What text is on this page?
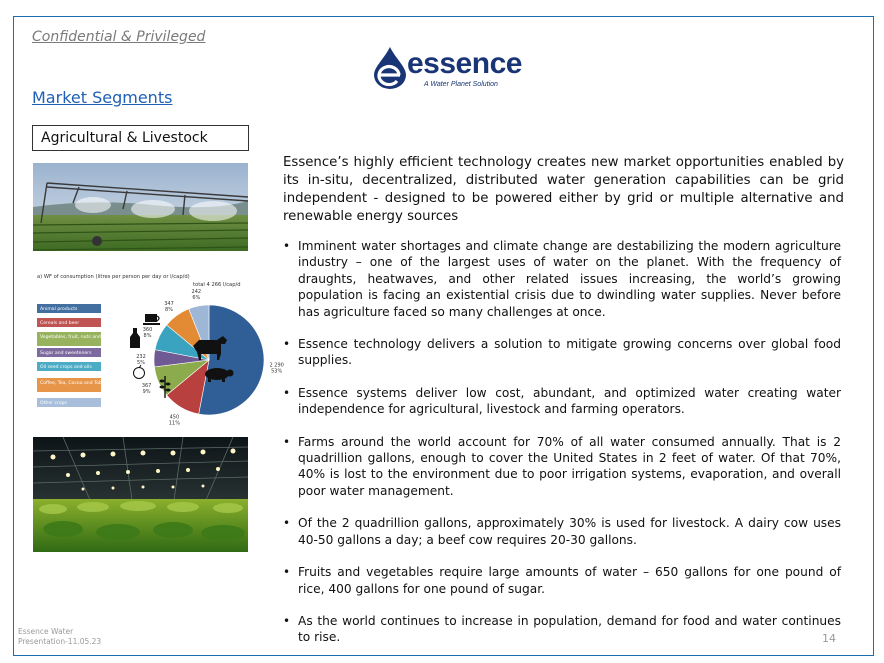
Confidential & Privileged
essence
A Water Planet Solution
Market Segments
Agricultural & Livestock
a) WF of consumption (litres per person per day or l/cap/d)
total 4 266 l/cap/d
Animal products
Cereals and beer
Vegetables, fruit, nuts and wine
Sugar and sweeteners
Oil seed crops and oils
Coffee, Tea, Cocoa and Tobacco
Other crops
2 290 53%
450 11%
367 9%
232 5%
360 8%
347 8%
242 6%
Essence’s highly efficient technology creates new market opportunities enabled by its in-situ, decentralized, distributed water generation capabilities can be grid independent - designed to be powered either by grid or multiple alternative and renewable energy sources
• Imminent water shortages and climate change are destabilizing the modern agriculture industry – one of the largest uses of water on the planet. With the frequency of draughts, heatwaves, and other related issues increasing, the world’s growing population is facing an existential crisis due to dwindling water supplies. Never before has agriculture faced so many challenges at once.
• Essence technology delivers a solution to mitigate growing concerns over global food supplies.
• Essence systems deliver low cost, abundant, and optimized water creating water independence for agricultural, livestock and farming operators.
• Farms around the world account for 70% of all water consumed annually. That is 2 quadrillion gallons, enough to cover the United States in 2 feet of water. Of that 70%, 40% is lost to the environment due to poor irrigation systems, evaporation, and overall poor water management.
• Of the 2 quadrillion gallons, approximately 30% is used for livestock. A dairy cow uses 40-50 gallons a day; a beef cow requires 20-30 gallons.
• Fruits and vegetables require large amounts of water – 650 gallons for one pound of rice, 400 gallons for one pound of sugar.
• As the world continues to increase in population, demand for food and water continues to rise.
Essence Water Presentation-11.05.23	14
